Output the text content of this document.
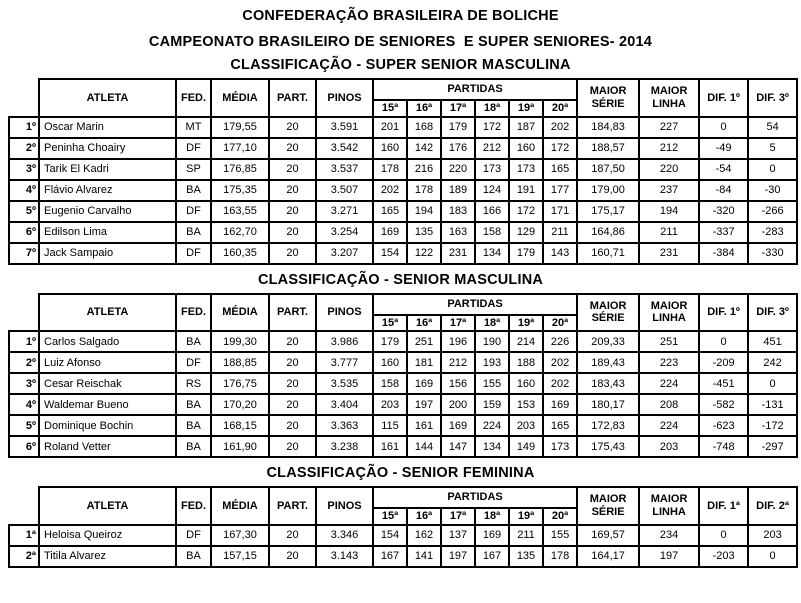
CONFEDERAÇÃO BRASILEIRA DE BOLICHE
CAMPEONATO BRASILEIRO DE SENIORES  E SUPER SENIORES- 2014
CLASSIFICAÇÃO - SUPER SENIOR MASCULINA
	ATLETA	FED.	MÉDIA	PART.	PINOS	PARTIDAS						MAIOR SÉRIE	MAIOR LINHA	DIF. 1º	DIF. 3º
						15ª	16ª	17ª	18ª	19ª	20ª				
1º	Oscar Marin	MT	179,55	20	3.591	201	168	179	172	187	202	184,83	227	0	54
2º	Peninha Choairy	DF	177,10	20	3.542	160	142	176	212	160	172	188,57	212	-49	5
3º	Tarik El Kadri	SP	176,85	20	3.537	178	216	220	173	173	165	187,50	220	-54	0
4º	Flávio Alvarez	BA	175,35	20	3.507	202	178	189	124	191	177	179,00	237	-84	-30
5º	Eugenio Carvalho	DF	163,55	20	3.271	165	194	183	166	172	171	175,17	194	-320	-266
6º	Edilson Lima	BA	162,70	20	3.254	169	135	163	158	129	211	164,86	211	-337	-283
7º	Jack Sampaio	DF	160,35	20	3.207	154	122	231	134	179	143	160,71	231	-384	-330
CLASSIFICAÇÃO - SENIOR MASCULINA
	ATLETA	FED.	MÉDIA	PART.	PINOS	PARTIDAS						MAIOR SÉRIE	MAIOR LINHA	DIF. 1º	DIF. 3º
						15ª	16ª	17ª	18ª	19ª	20ª				
1º	Carlos Salgado	BA	199,30	20	3.986	179	251	196	190	214	226	209,33	251	0	451
2º	Luiz Afonso	DF	188,85	20	3.777	160	181	212	193	188	202	189,43	223	-209	242
3º	Cesar Reischak	RS	176,75	20	3.535	158	169	156	155	160	202	183,43	224	-451	0
4º	Waldemar Bueno	BA	170,20	20	3.404	203	197	200	159	153	169	180,17	208	-582	-131
5º	Dominique Bochin	BA	168,15	20	3.363	115	161	169	224	203	165	172,83	224	-623	-172
6º	Roland Vetter	BA	161,90	20	3.238	161	144	147	134	149	173	175,43	203	-748	-297
CLASSIFICAÇÃO - SENIOR FEMININA
	ATLETA	FED.	MÉDIA	PART.	PINOS	PARTIDAS						MAIOR SÉRIE	MAIOR LINHA	DIF. 1ª	DIF. 2ª
						15ª	16ª	17ª	18ª	19ª	20ª				
1ª	Heloisa Queiroz	DF	167,30	20	3.346	154	162	137	169	211	155	169,57	234	0	203
2ª	Titila Alvarez	BA	157,15	20	3.143	167	141	197	167	135	178	164,17	197	-203	0
